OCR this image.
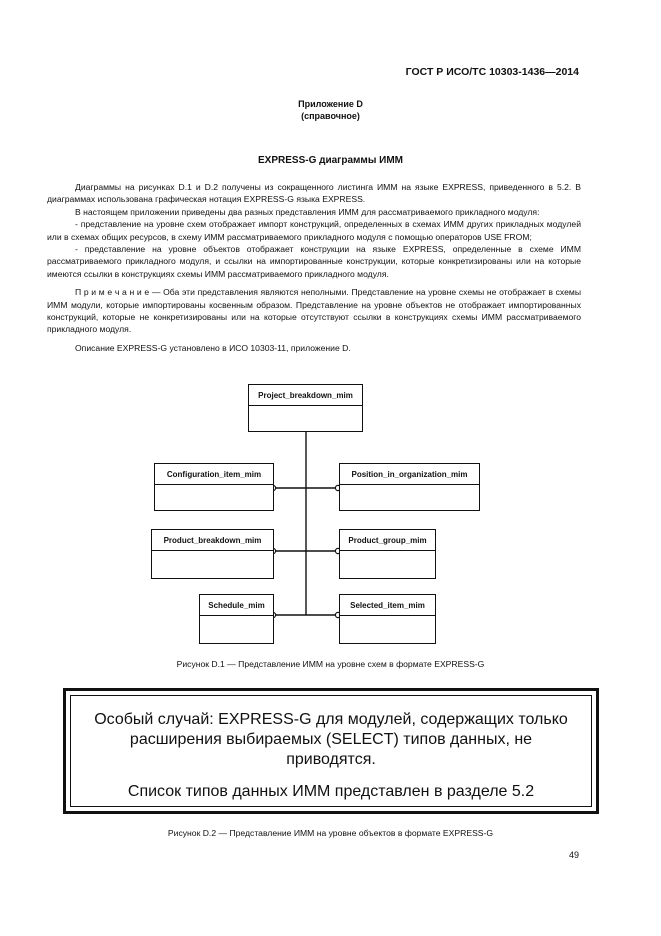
ГОСТ Р ИСО/ТС 10303-1436—2014
Приложение D
(справочное)
EXPRESS-G диаграммы ИММ

Диаграммы на рисунках D.1 и D.2 получены из сокращенного листинга ИММ на языке EXPRESS, приведенного в 5.2. В диаграммах использована графическая нотация EXPRESS-G языка EXPRESS.

В настоящем приложении приведены два разных представления ИММ для рассматриваемого прикладного модуля:

- представление на уровне схем отображает импорт конструкций, определенных в схемах ИММ других прикладных модулей или в схемах общих ресурсов, в схему ИММ рассматриваемого прикладного модуля с помощью операторов USE FROM;

- представление на уровне объектов отображает конструкции на языке EXPRESS, определенные в схеме ИММ рассматриваемого прикладного модуля, и ссылки на импортированные конструкции, которые конкретизированы или на которые имеются ссылки в конструкциях схемы ИММ рассматриваемого прикладного модуля.

П р и м е ч а н и е — Оба эти представления являются неполными. Представление на уровне схемы не отображает в схемы ИММ модули, которые импортированы косвенным образом. Представление на уровне объектов не отображает импортированных конструкций, которые не конкретизированы или на которые отсутствуют ссылки в конструкциях схемы ИММ рассматриваемого прикладного модуля.

Описание EXPRESS-G установлено в ИСО 10303-11, приложение D.

Project_breakdown_mim
Configuration_item_mim
Product_breakdown_mim
Schedule_mim
Position_in_organization_mim
Product_group_mim
Selected_item_mim
Рисунок D.1 — Представление ИММ на уровне схем в формате EXPRESS-G
Особый случай: EXPRESS-G для модулей, содержащих только расширения выбираемых (SELECT) типов данных, не приводятся.
Список типов данных ИММ представлен в разделе 5.2
Рисунок D.2 — Представление ИММ на уровне объектов в формате EXPRESS-G
49
